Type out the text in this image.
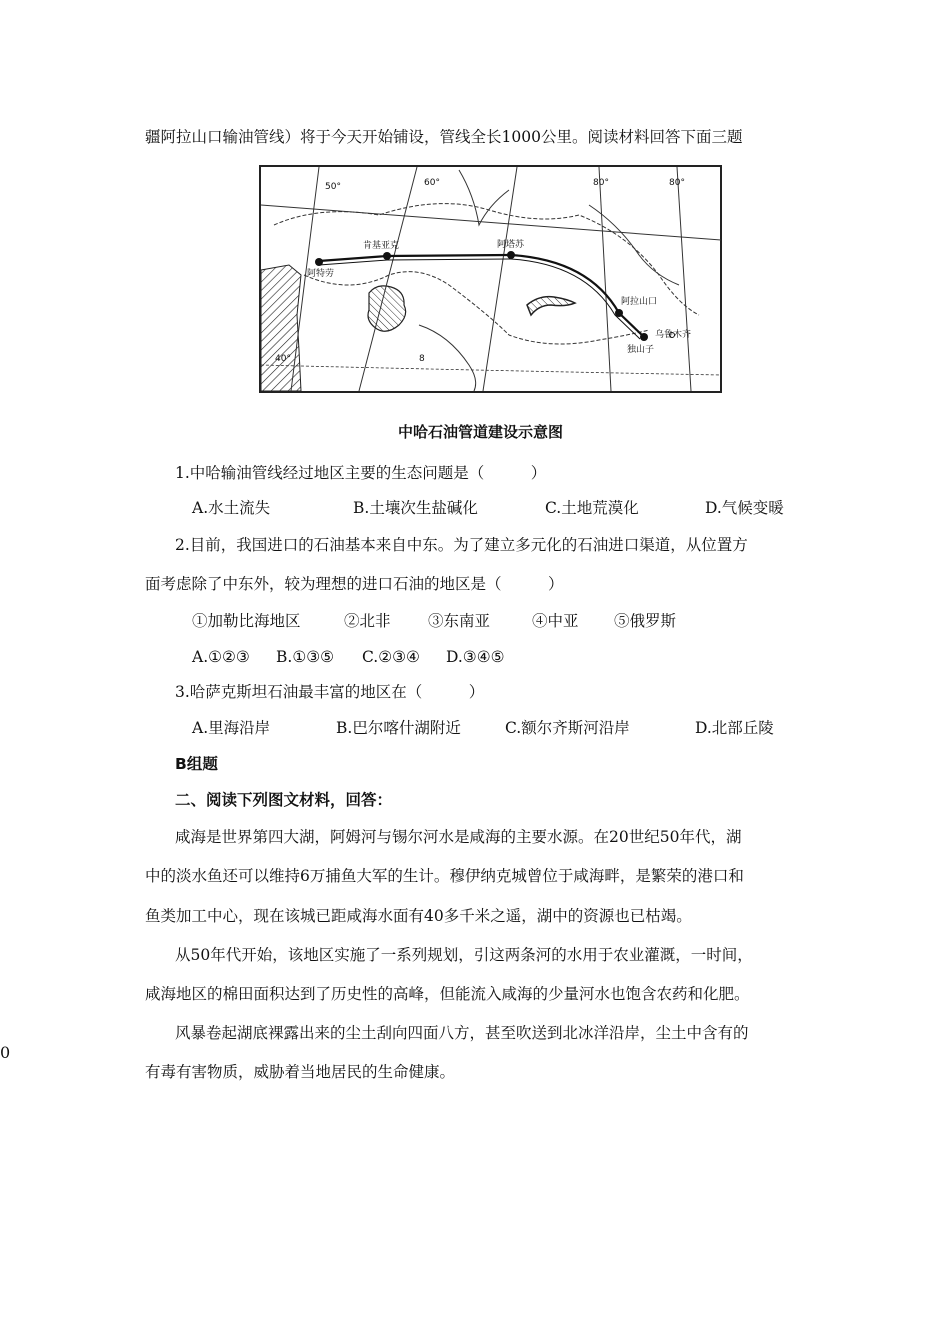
疆阿拉山口输油管线）将于今天开始铺设，管线全长1000公里。阅读材料回答下面三题
阿特劳
肯基亚克	阿塔苏
阿拉山口
乌鲁木齐
独山子
50°	60°	80°	80°
40°	8
中哈石油管道建设示意图
1.中哈输油管线经过地区主要的生态问题是（　　　）
A.水土流失	B.土壤次生盐碱化	C.土地荒漠化	D.气候变暖
2.目前，我国进口的石油基本来自中东。为了建立多元化的石油进口渠道，从位置方
面考虑除了中东外，较为理想的进口石油的地区是（　　　）
①加勒比海地区	②北非 ③东南亚	④中亚 ⑤俄罗斯
A.①②③ B.①③⑤ C.②③④ D.③④⑤
3.哈萨克斯坦石油最丰富的地区在（　　　）
A.里海沿岸	B.巴尔喀什湖附近	C.额尔齐斯河沿岸	D.北部丘陵
B组题
二、阅读下列图文材料，回答：
咸海是世界第四大湖，阿姆河与锡尔河水是咸海的主要水源。在20世纪50年代，湖
中的淡水鱼还可以维持6万捕鱼大军的生计。穆伊纳克城曾位于咸海畔，是繁荣的港口和
鱼类加工中心，现在该城已距咸海水面有40多千米之遥，湖中的资源也已枯竭。
从50年代开始，该地区实施了一系列规划，引这两条河的水用于农业灌溉，一时间，
咸海地区的棉田面积达到了历史性的高峰，但能流入咸海的少量河水也饱含农药和化肥。
风暴卷起湖底裸露出来的尘土刮向四面八方，甚至吹送到北冰洋沿岸，尘土中含有的
有毒有害物质，威胁着当地居民的生命健康。
0
